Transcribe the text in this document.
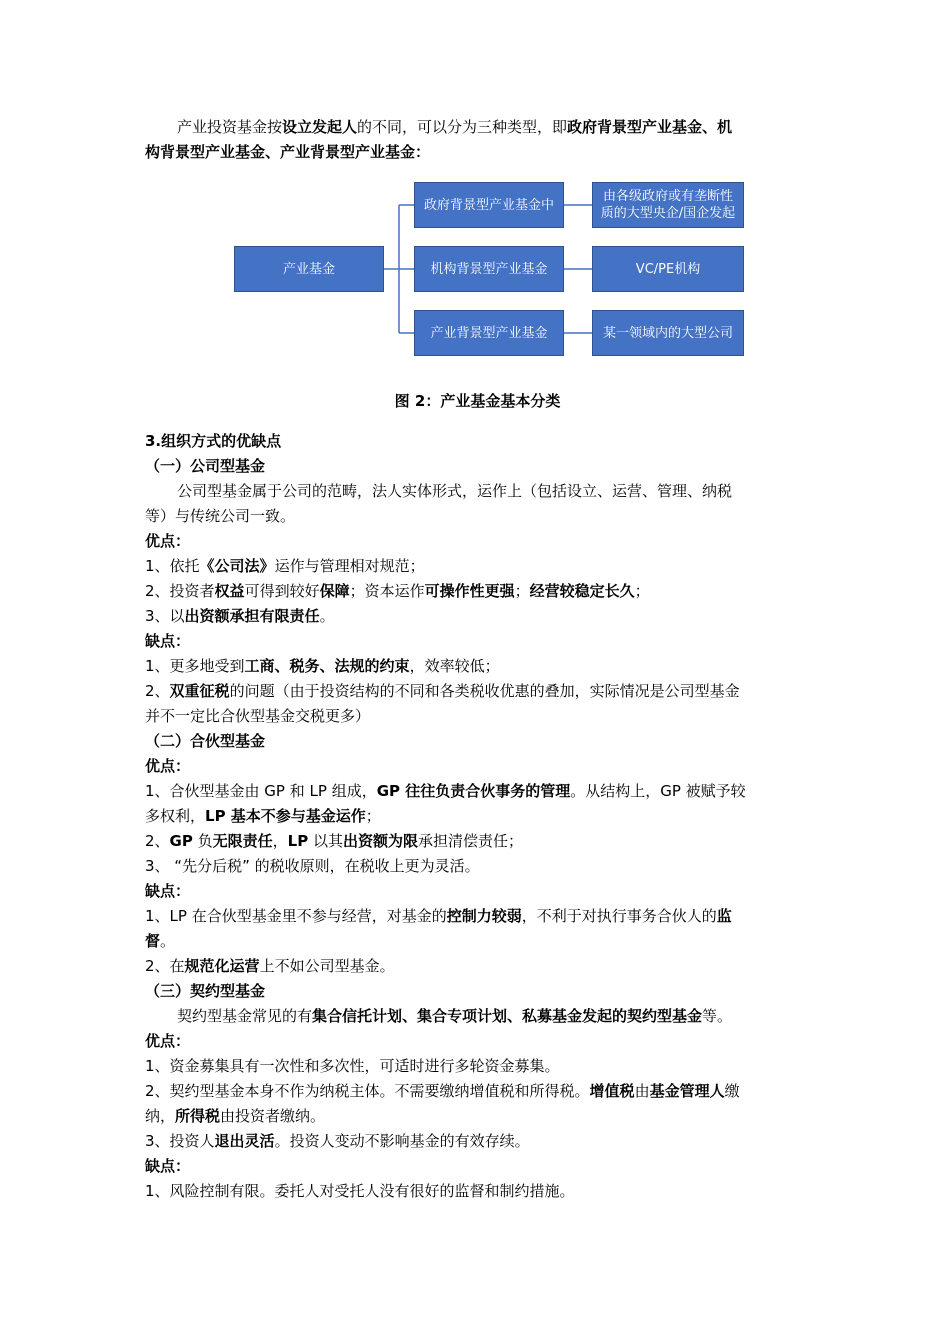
产业投资基金按设立发起人的不同，可以分为三种类型，即政府背景型产业基金、机

构背景型产业基金、产业背景型产业基金：

产业基金
政府背景型产业基金中
机构背景型产业基金
产业背景型产业基金
由各级政府或有垄断性
质的大型央企/国企发起
VC/PE机构
某一领域内的大型公司

图 2：产业基金基本分类

3.组织方式的优缺点

（一）公司型基金

公司型基金属于公司的范畴，法人实体形式，运作上（包括设立、运营、管理、纳税

等）与传统公司一致。

优点：

1、依托《公司法》运作与管理相对规范；

2、投资者权益可得到较好保障；资本运作可操作性更强；经营较稳定长久；

3、以出资额承担有限责任。

缺点：

1、更多地受到工商、税务、法规的约束，效率较低；

2、双重征税的问题（由于投资结构的不同和各类税收优惠的叠加，实际情况是公司型基金

并不一定比合伙型基金交税更多）

（二）合伙型基金

优点：

1、合伙型基金由 GP 和 LP 组成，GP 往往负责合伙事务的管理。从结构上，GP 被赋予较

多权利，LP 基本不参与基金运作；

2、GP 负无限责任，LP 以其出资额为限承担清偿责任；

3、 “先分后税” 的税收原则，在税收上更为灵活。

缺点：

1、LP 在合伙型基金里不参与经营，对基金的控制力较弱，不利于对执行事务合伙人的监

督。

2、在规范化运营上不如公司型基金。

（三）契约型基金

契约型基金常见的有集合信托计划、集合专项计划、私募基金发起的契约型基金等。

优点：

1、资金募集具有一次性和多次性，可适时进行多轮资金募集。

2、契约型基金本身不作为纳税主体。不需要缴纳增值税和所得税。增值税由基金管理人缴

纳，所得税由投资者缴纳。

3、投资人退出灵活。投资人变动不影响基金的有效存续。

缺点：

1、风险控制有限。委托人对受托人没有很好的监督和制约措施。
